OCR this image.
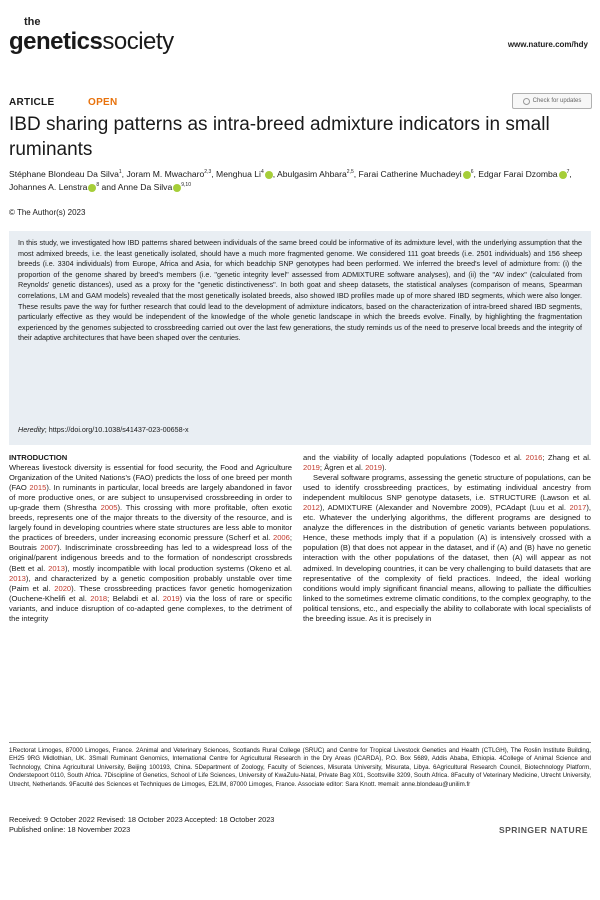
the
geneticssociety	www.nature.com/hdy
ARTICLE	OPEN	Check for updates
IBD sharing patterns as intra-breed admixture indicators in small ruminants
Stéphane Blondeau Da Silva$^1$, Joram M. Mwacharo$^{2,3}$, Menghua Li$^4$ , Abulgasim Ahbara$^{2,5}$, Farai Catherine Muchadeyi $^6$, Edgar Farai Dzomba $^7$, Johannes A. Lenstra $^8$ and Anne Da Silva $^{9,10}$
© The Author(s) 2023
In this study, we investigated how IBD patterns shared between individuals of the same breed could be informative of its admixture level, with the underlying assumption that the most admixed breeds, i.e. the least genetically isolated, should have a much more fragmented genome. We considered 111 goat breeds (i.e. 2501 individuals) and 156 sheep breeds (i.e. 3304 individuals) from Europe, Africa and Asia, for which beadchip SNP genotypes had been performed. We inferred the breed's level of admixture from: (i) the proportion of the genome shared by breed's members (i.e. "genetic integrity level" assessed from ADMIXTURE software analyses), and (ii) the "AV index" (calculated from Reynolds' genetic distances), used as a proxy for the "genetic distinctiveness". In both goat and sheep datasets, the statistical analyses (comparison of means, Spearman correlations, LM and GAM models) revealed that the most genetically isolated breeds, also showed IBD profiles made up of more shared IBD segments, which were also longer. These results pave the way for further research that could lead to the development of admixture indicators, based on the characterization of intra-breed shared IBD segments, particularly effective as they would be independent of the knowledge of the whole genetic landscape in which the breeds evolve. Finally, by highlighting the fragmentation experienced by the genomes subjected to crossbreeding carried out over the last few generations, the study reminds us of the need to preserve local breeds and the integrity of their adaptive architectures that have been shaped over the centuries.
Heredity; https://doi.org/10.1038/s41437-023-00658-x
INTRODUCTION
Whereas livestock diversity is essential for food security, the Food and Agriculture Organization of the United Nations's (FAO) predicts the loss of one breed per month (FAO 2015). In ruminants in particular, local breeds are largely abandoned in favor of more productive ones, or are subject to unsupervised crossbreeding in order to up-grade them (Shrestha 2005). This crossing with more profitable, often exotic breeds, represents one of the major threats to the diversity of the resource, and is largely found in developing countries where state structures are less able to monitor the practices of breeders, under increasing economic pressure (Scherf et al. 2006; Boutrais 2007). Indiscriminate crossbreeding has led to a widespread loss of the original/parent indigenous breeds and to the formation of nondescript crossbreds (Bett et al. 2013), mostly incompatible with local production systems (Okeno et al. 2013), and characterized by a genetic composition probably unstable over time (Paim et al. 2020). These crossbreeding practices favor genetic homogenization (Ouchene-Khelifi et al. 2018; Belabdi et al. 2019) via the loss of rare or specific variants, and induce disruption of co-adapted gene complexes, to the detriment of the integrity
and the viability of locally adapted populations (Todesco et al. 2016; Zhang et al. 2019; Ågren et al. 2019).
Several software programs, assessing the genetic structure of populations, can be used to identify crossbreeding practices, by estimating individual ancestry from independent multilocus SNP genotype datasets, i.e. STRUCTURE (Lawson et al. 2012), ADMIXTURE (Alexander and Novembre 2009), PCAdapt (Luu et al. 2017), etc. Whatever the underlying algorithms, the different programs are designed to analyze the differences in the distribution of genetic variants between populations. Hence, these methods imply that if a population (A) is intensively crossed with a population (B) that does not appear in the dataset, and if (A) and (B) have no genetic interaction with the other populations of the dataset, then (A) will appear as not admixed. In developing countries, it can be very challenging to build datasets that are representative of the complexity of field practices. Indeed, the ideal working conditions would imply significant financial means, allowing to palliate the difficulties linked to the sometimes extreme climatic conditions, to the complex geography, to the political tensions, etc., and especially the ability to collaborate with local specialists of the breeding issue. As it is precisely in
1Rectorat Limoges, 87000 Limoges, France. 2Animal and Veterinary Sciences, Scotlands Rural College (SRUC) and Centre for Tropical Livestock Genetics and Health (CTLGH), The Roslin Institute Building, EH25 9RG Midlothian, UK. 3Small Ruminant Genomics, International Centre for Agricultural Research in the Dry Areas (ICARDA), P.O. Box 5689, Addis Ababa, Ethiopia. 4College of Animal Science and Technology, China Agricultural University, Beijing 100193, China. 5Department of Zoology, Faculty of Sciences, Misurata University, Misurata, Libya. 6Agricultural Research Council, Biotechnology Platform, Onderstepoort 0110, South Africa. 7Discipline of Genetics, School of Life Sciences, University of KwaZulu-Natal, Private Bag X01, Scottsville 3209, South Africa. 8Faculty of Veterinary Medicine, Utrecht University, Utrecht, Netherlands. 9Faculté des Sciences et Techniques de Limoges, E2LIM, 87000 Limoges, France. Associate editor: Sara Knott. ✉email: anne.blondeau@unilim.fr
Received: 9 October 2022 Revised: 18 October 2023 Accepted: 18 October 2023
Published online: 18 November 2023	SPRINGER NATURE
